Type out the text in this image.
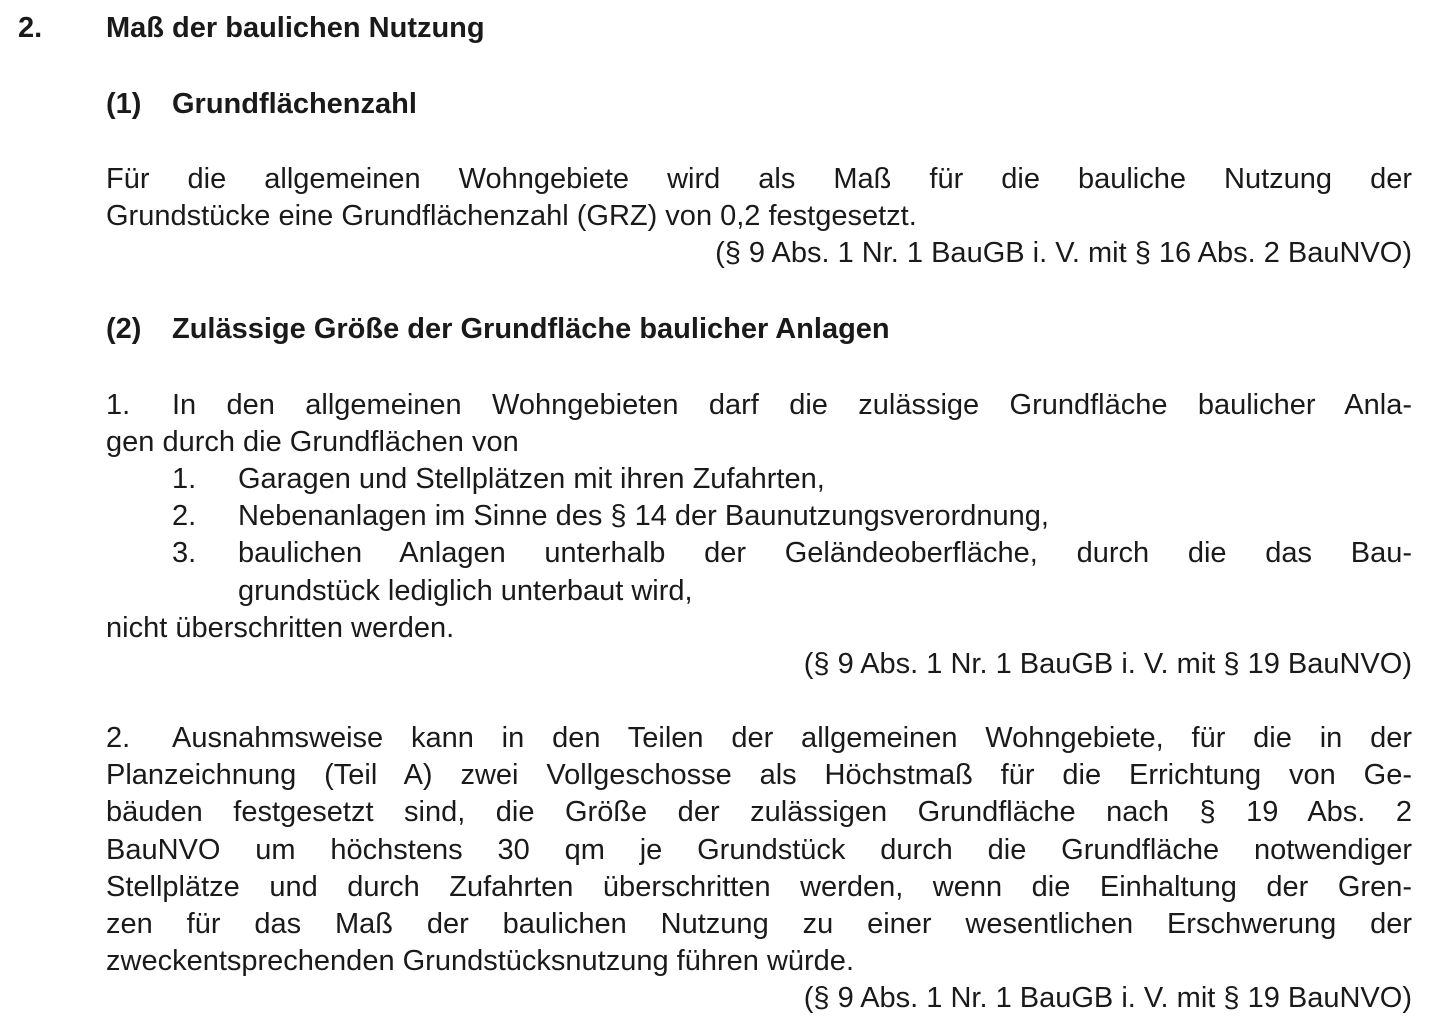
2. Maß der baulichen Nutzung
(1) Grundflächenzahl
Für die allgemeinen Wohngebiete wird als Maß für die bauliche Nutzung der
Grundstücke eine Grundflächenzahl (GRZ) von 0,2 festgesetzt.
(§ 9 Abs. 1 Nr. 1 BauGB i. V. mit § 16 Abs. 2 BauNVO)
(2) Zulässige Größe der Grundfläche baulicher Anlagen
1. In den allgemeinen Wohngebieten darf die zulässige Grundfläche baulicher Anla-
gen durch die Grundflächen von
1. Garagen und Stellplätzen mit ihren Zufahrten,
2. Nebenanlagen im Sinne des § 14 der Baunutzungsverordnung,
3. baulichen Anlagen unterhalb der Geländeoberfläche, durch die das Bau-
grundstück lediglich unterbaut wird,
nicht überschritten werden.
(§ 9 Abs. 1 Nr. 1 BauGB i. V. mit § 19 BauNVO)
2. Ausnahmsweise kann in den Teilen der allgemeinen Wohngebiete, für die in der
Planzeichnung (Teil A) zwei Vollgeschosse als Höchstmaß für die Errichtung von Ge-
bäuden festgesetzt sind, die Größe der zulässigen Grundfläche nach § 19 Abs. 2
BauNVO um höchstens 30 qm je Grundstück durch die Grundfläche notwendiger
Stellplätze und durch Zufahrten überschritten werden, wenn die Einhaltung der Gren-
zen für das Maß der baulichen Nutzung zu einer wesentlichen Erschwerung der
zweckentsprechenden Grundstücksnutzung führen würde.
(§ 9 Abs. 1 Nr. 1 BauGB i. V. mit § 19 BauNVO)
